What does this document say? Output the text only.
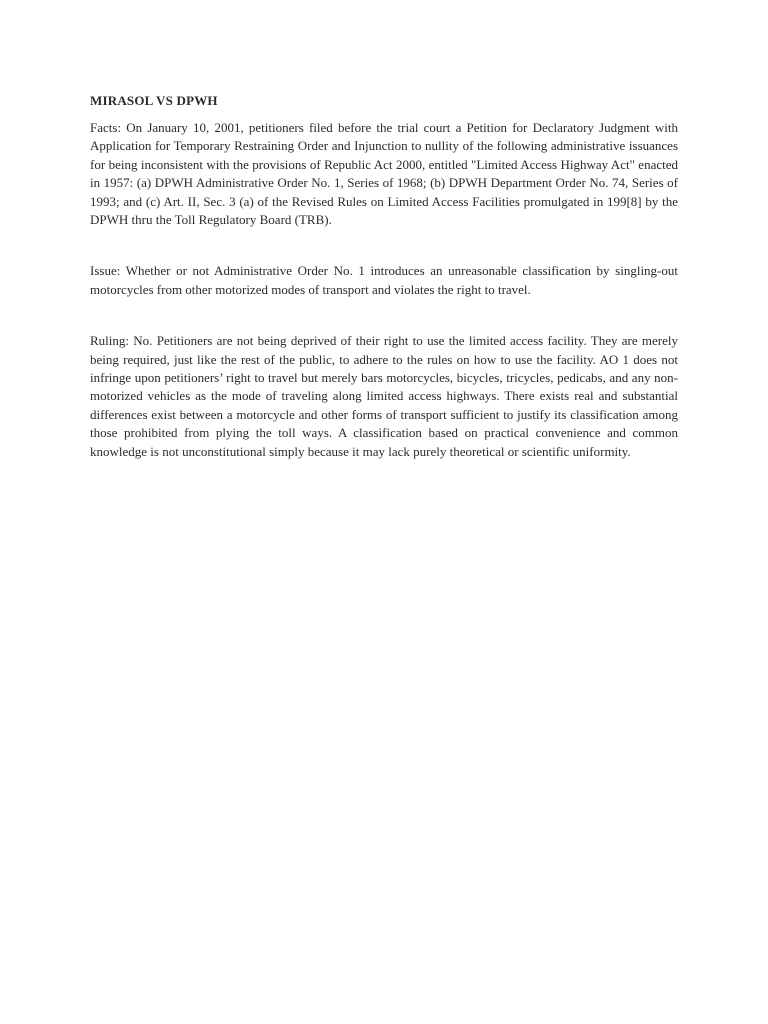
MIRASOL VS DPWH

Facts: On January 10, 2001, petitioners filed before the trial court a Petition for Declaratory Judgment with Application for Temporary Restraining Order and Injunction to nullity of the following administrative issuances for being inconsistent with the provisions of Republic Act 2000, entitled "Limited Access Highway Act" enacted in 1957: (a) DPWH Administrative Order No. 1, Series of 1968; (b) DPWH Department Order No. 74, Series of 1993; and (c) Art. II, Sec. 3 (a) of the Revised Rules on Limited Access Facilities promulgated in 199[8] by the DPWH thru the Toll Regulatory Board (TRB).

Issue: Whether or not Administrative Order No. 1 introduces an unreasonable classification by singling-out motorcycles from other motorized modes of transport and violates the right to travel.

Ruling: No. Petitioners are not being deprived of their right to use the limited access facility. They are merely being required, just like the rest of the public, to adhere to the rules on how to use the facility. AO 1 does not infringe upon petitioners’ right to travel but merely bars motorcycles, bicycles, tricycles, pedicabs, and any non-motorized vehicles as the mode of traveling along limited access highways. There exists real and substantial differences exist between a motorcycle and other forms of transport sufficient to justify its classification among those prohibited from plying the toll ways. A classification based on practical convenience and common knowledge is not unconstitutional simply because it may lack purely theoretical or scientific uniformity.
